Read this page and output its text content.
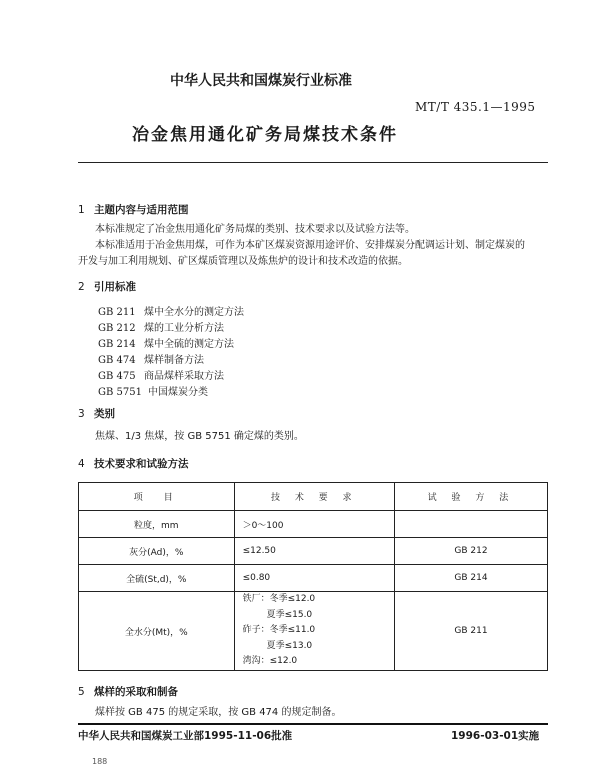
中华人民共和国煤炭行业标准
MT/T 435.1—1995
冶金焦用通化矿务局煤技术条件
1 主题内容与适用范围
本标准规定了冶金焦用通化矿务局煤的类别、技术要求以及试验方法等。
本标准适用于冶金焦用煤，可作为本矿区煤炭资源用途评价、安排煤炭分配调运计划、制定煤炭的
开发与加工利用规划、矿区煤质管理以及炼焦炉的设计和技术改造的依据。
2 引用标准
GB 211 煤中全水分的测定方法
GB 212 煤的工业分析方法
GB 214 煤中全硫的测定方法
GB 474 煤样制备方法
GB 475 商品煤样采取方法
GB 5751 中国煤炭分类
3 类别
焦煤、1/3 焦煤，按 GB 5751 确定煤的类别。
4 技术要求和试验方法
项　目	技 术 要 求	试 验 方 法
粒度，mm	＞0～100	
灰分(Ad)，%	≤12.50	GB 212
全硫(St,d)，%	≤0.80	GB 214
全水分(Mt)，%	铁厂：冬季≤12.0
夏季≤15.0
砟子：冬季≤11.0
夏季≤13.0
湾沟：≤12.0	GB 211
5 煤样的采取和制备
煤样按 GB 475 的规定采取，按 GB 474 的规定制备。
中华人民共和国煤炭工业部1995-11-06批准	1996-03-01实施
188
